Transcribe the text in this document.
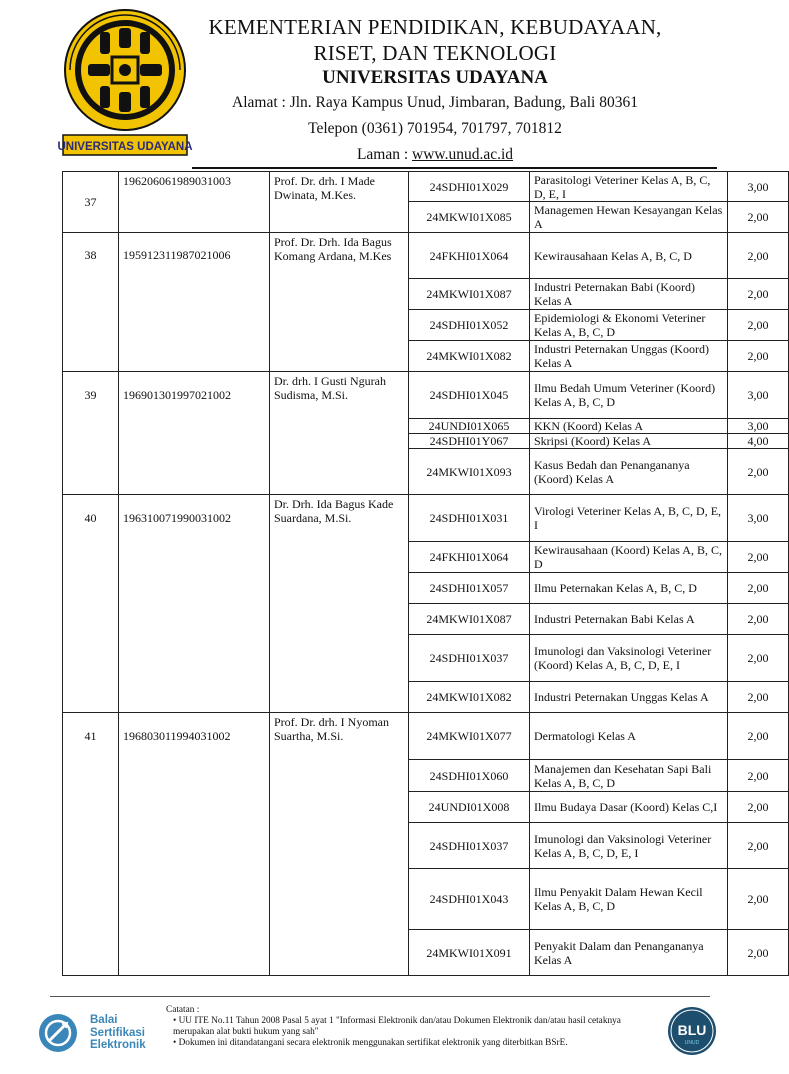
UNIVERSITAS UDAYANA
KEMENTERIAN PENDIDIKAN, KEBUDAYAAN,
RISET, DAN TEKNOLOGI
UNIVERSITAS UDAYANA
Alamat : Jln. Raya Kampus Unud, Jimbaran, Badung, Bali 80361
Telepon (0361) 701954, 701797, 701812
Laman : www.unud.ac.id
37	196206061989031003	Prof. Dr. drh. I Made Dwinata, M.Kes.	24SDHI01X029	Parasitologi Veteriner Kelas A, B, C, D, E, I	3,00
			24MKWI01X085	Managemen Hewan Kesayangan Kelas A	2,00
38	195912311987021006	Prof. Dr. Drh. Ida Bagus Komang Ardana, M.Kes	24FKHI01X064	Kewirausahaan Kelas A, B, C, D	2,00
			24MKWI01X087	Industri Peternakan Babi (Koord) Kelas A	2,00
			24SDHI01X052	Epidemiologi & Ekonomi Veteriner Kelas A, B, C, D	2,00
			24MKWI01X082	Industri Peternakan Unggas (Koord) Kelas A	2,00
39	196901301997021002	Dr. drh. I Gusti Ngurah Sudisma, M.Si.	24SDHI01X045	Ilmu Bedah Umum Veteriner (Koord) Kelas A, B, C, D	3,00
			24UNDI01X065	KKN (Koord) Kelas A	3,00
			24SDHI01Y067	Skripsi (Koord) Kelas A	4,00
			24MKWI01X093	Kasus Bedah dan Penangananya (Koord) Kelas A	2,00
40	196310071990031002	Dr. Drh. Ida Bagus Kade Suardana, M.Si.	24SDHI01X031	Virologi Veteriner Kelas A, B, C, D, E, I	3,00
			24FKHI01X064	Kewirausahaan (Koord) Kelas A, B, C, D	2,00
			24SDHI01X057	Ilmu Peternakan Kelas A, B, C, D	2,00
			24MKWI01X087	Industri Peternakan Babi Kelas A	2,00
			24SDHI01X037	Imunologi dan Vaksinologi Veteriner (Koord) Kelas A, B, C, D, E, I	2,00
			24MKWI01X082	Industri Peternakan Unggas Kelas A	2,00
41	196803011994031002	Prof. Dr. drh. I Nyoman Suartha, M.Si.	24MKWI01X077	Dermatologi Kelas A	2,00
			24SDHI01X060	Manajemen dan Kesehatan Sapi Bali Kelas A, B, C, D	2,00
			24UNDI01X008	Ilmu Budaya Dasar (Koord) Kelas C,I	2,00
			24SDHI01X037	Imunologi dan Vaksinologi Veteriner Kelas A, B, C, D, E, I	2,00
			24SDHI01X043	Ilmu Penyakit Dalam Hewan Kecil Kelas A, B, C, D	2,00
			24MKWI01X091	Penyakit Dalam dan Penangananya Kelas A	2,00
Balai
Sertifikasi
Elektronik
Catatan :
• UU ITE No.11 Tahun 2008 Pasal 5 ayat 1 "Informasi Elektronik dan/atau Dokumen Elektronik dan/atau hasil cetaknya merupakan alat bukti hukum yang sah"
• Dokumen ini ditandatangani secara elektronik menggunakan sertifikat elektronik yang diterbitkan BSrE.
BLU
UNUD
